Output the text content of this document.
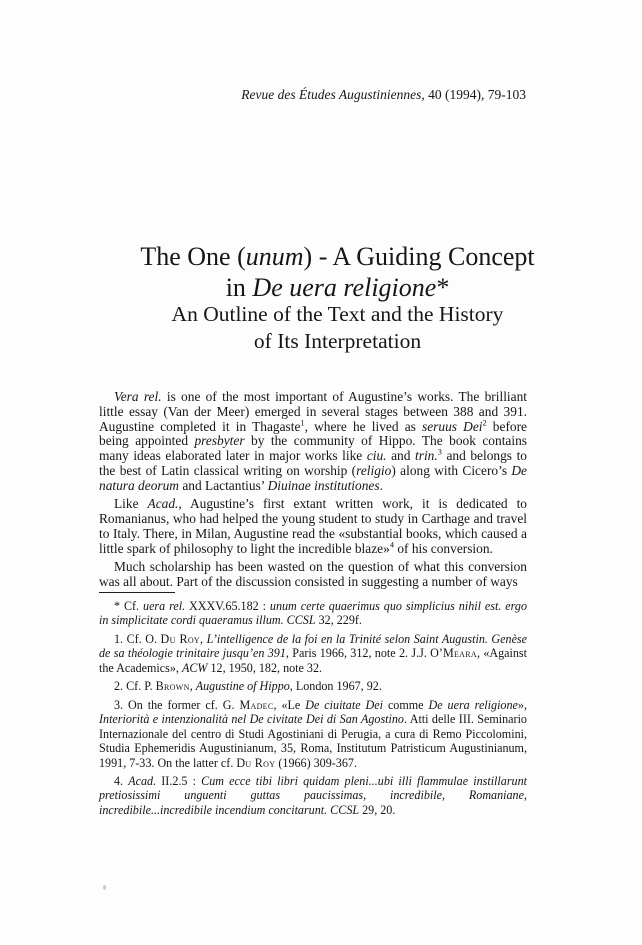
Revue des Études Augustiniennes, 40 (1994), 79-103
The One (unum) - A Guiding Concept
in De uera religione*
An Outline of the Text and the History
of Its Interpretation

Vera rel. is one of the most important of Augustine’s works. The brilliant little essay (Van der Meer) emerged in several stages between 388 and 391. Augustine completed it in Thagaste$^1$, where he lived as seruus Dei$^2$ before being appointed presbyter by the community of Hippo. The book contains many ideas elaborated later in major works like ciu. and trin.$^3$ and belongs to the best of Latin classical writing on worship (religio) along with Cicero’s De natura deorum and Lactantius’ Diuinae institutiones.

Like Acad., Augustine’s first extant written work, it is dedicated to Romanianus, who had helped the young student to study in Carthage and travel to Italy. There, in Milan, Augustine read the «substantial books, which caused a little spark of philosophy to light the incredible blaze»$^4$ of his conversion.

Much scholarship has been wasted on the question of what this conversion was all about. Part of the discussion consisted in suggesting a number of ways

* Cf. uera rel. XXXV.65.182 : unum certe quaerimus quo simplicius nihil est. ergo in simplicitate cordi quaeramus illum. CCSL 32, 229f.

1. Cf. O. Du Roy, L’intelligence de la foi en la Trinité selon Saint Augustin. Genèse de sa théologie trinitaire jusqu’en 391, Paris 1966, 312, note 2. J.J. O’Meara, «Against the Academics», ACW 12, 1950, 182, note 32.

2. Cf. P. Brown, Augustine of Hippo, London 1967, 92.

3. On the former cf. G. Madec, «Le De ciuitate Dei comme De uera religione», Interiorità e intenzionalità nel De civitate Dei di San Agostino. Atti delle III. Seminario Internazionale del centro di Studi Agostiniani di Perugia, a cura di Remo Piccolomini, Studia Ephemeridis Augustinianum, 35, Roma, Institutum Patristicum Augustinianum, 1991, 7-33. On the latter cf. Du Roy (1966) 309-367.

4. Acad. II.2.5 : Cum ecce tibi libri quidam pleni...ubi illi flammulae instillarunt pretiosissimi unguenti guttas paucissimas, incredibile, Romaniane, incredibile...incredibile incendium concitarunt. CCSL 29, 20.
